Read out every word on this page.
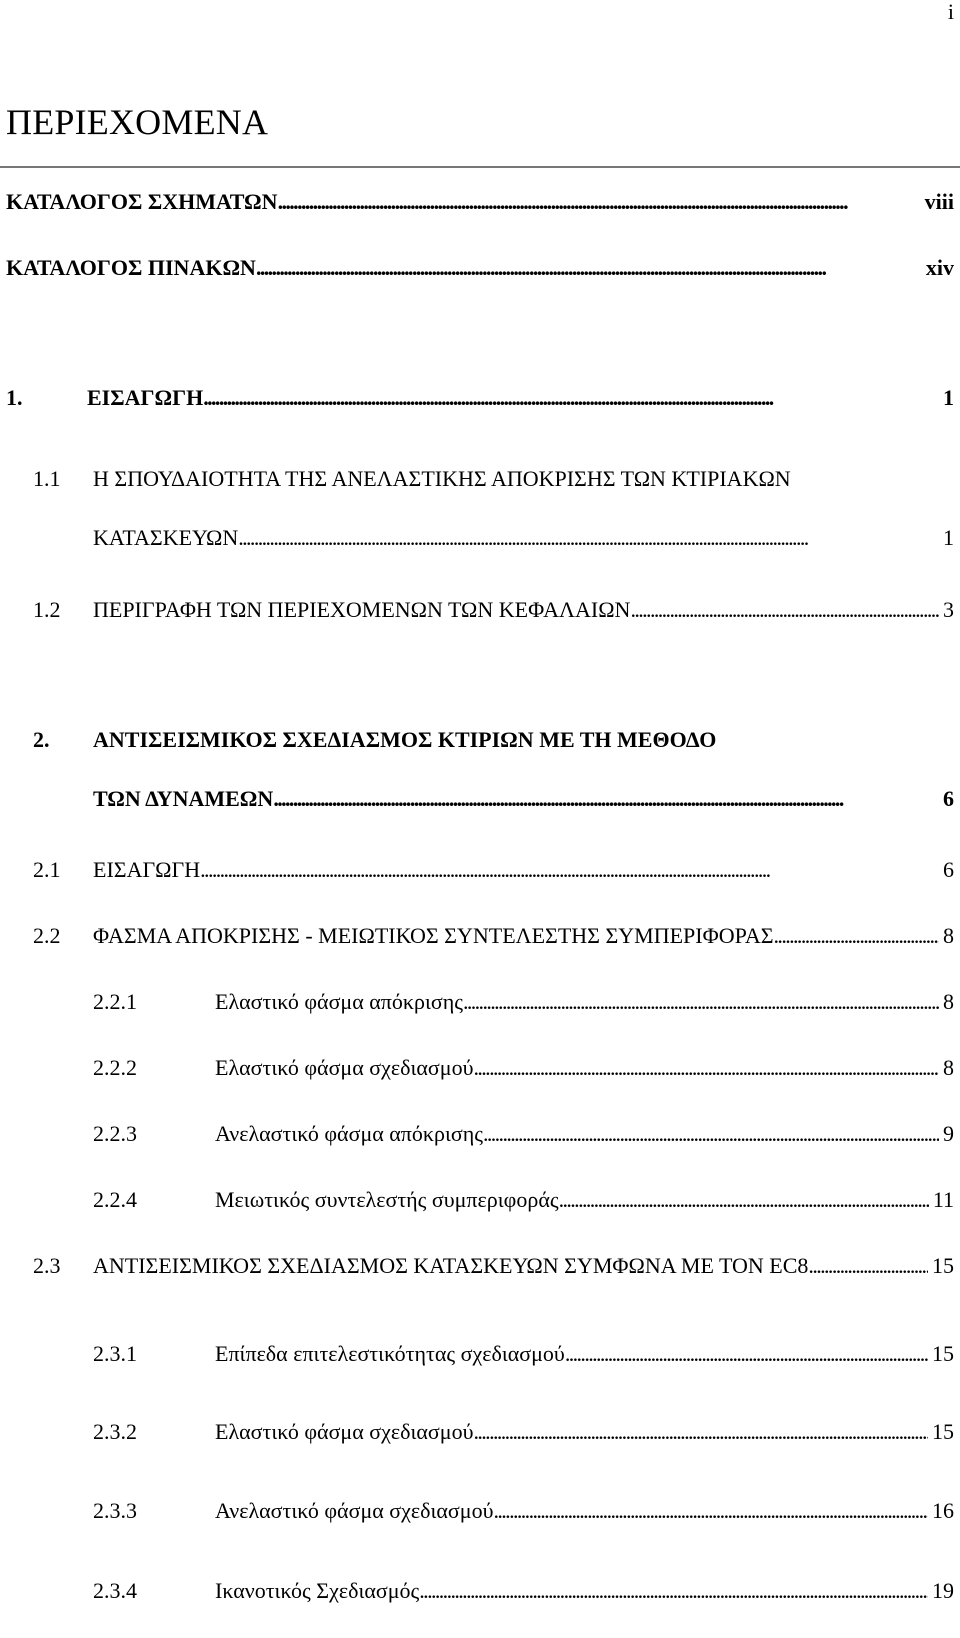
i
ΠΕΡΙΕΧΟΜΕΝΑ
ΚΑΤΑΛΟΓΟΣ ΣΧΗΜΑΤΩΝ . . .	viii
ΚΑΤΑΛΟΓΟΣ ΠΙΝΑΚΩΝ . . .	xiv
1.	ΕΙΣΑΓΩΓΗ . . .	1
1.1 Η ΣΠΟΥΔΑΙΟΤΗΤΑ ΤΗΣ ΑΝΕΛΑΣΤΙΚΗΣ ΑΠΟΚΡΙΣΗΣ ΤΩΝ ΚΤΙΡΙΑΚΩΝ
ΚΑΤΑΣΚΕΥΩΝ . . .	1
1.2	ΠΕΡΙΓΡΑΦΗ ΤΩΝ ΠΕΡΙΕΧΟΜΕΝΩΝ ΤΩΝ ΚΕΦΑΛΑΙΩΝ . . .	3
2. ΑΝΤΙΣΕΙΣΜΙΚΟΣ ΣΧΕΔΙΑΣΜΟΣ ΚΤΙΡΙΩΝ ΜΕ ΤΗ ΜΕΘΟΔΟ
ΤΩΝ ΔΥΝΑΜΕΩΝ . . .	6
2.1	ΕΙΣΑΓΩΓΗ . . .	6
2.2	ΦΑΣΜΑ ΑΠΟΚΡΙΣΗΣ - ΜΕΙΩΤΙΚΟΣ ΣΥΝΤΕΛΕΣΤΗΣ ΣΥΜΠΕΡΙΦΟΡΑΣ . . .	8
2.2.1	Ελαστικό φάσμα απόκρισης . . .	8
2.2.2	Ελαστικό φάσμα σχεδιασμού . . .	8
2.2.3	Ανελαστικό φάσμα απόκρισης . . .	9
2.2.4	Μειωτικός συντελεστής συμπεριφοράς . . .	11
2.3	ΑΝΤΙΣΕΙΣΜΙΚΟΣ ΣΧΕΔΙΑΣΜΟΣ ΚΑΤΑΣΚΕΥΩΝ ΣΥΜΦΩΝΑ ΜΕ ΤΟΝ EC8 . . .	15
2.3.1	Επίπεδα επιτελεστικότητας σχεδιασμού . . .	15
2.3.2	Ελαστικό φάσμα σχεδιασμού . . .	15
2.3.3	Ανελαστικό φάσμα σχεδιασμού . . .	16
2.3.4	Ικανοτικός Σχεδιασμός . . .	19
